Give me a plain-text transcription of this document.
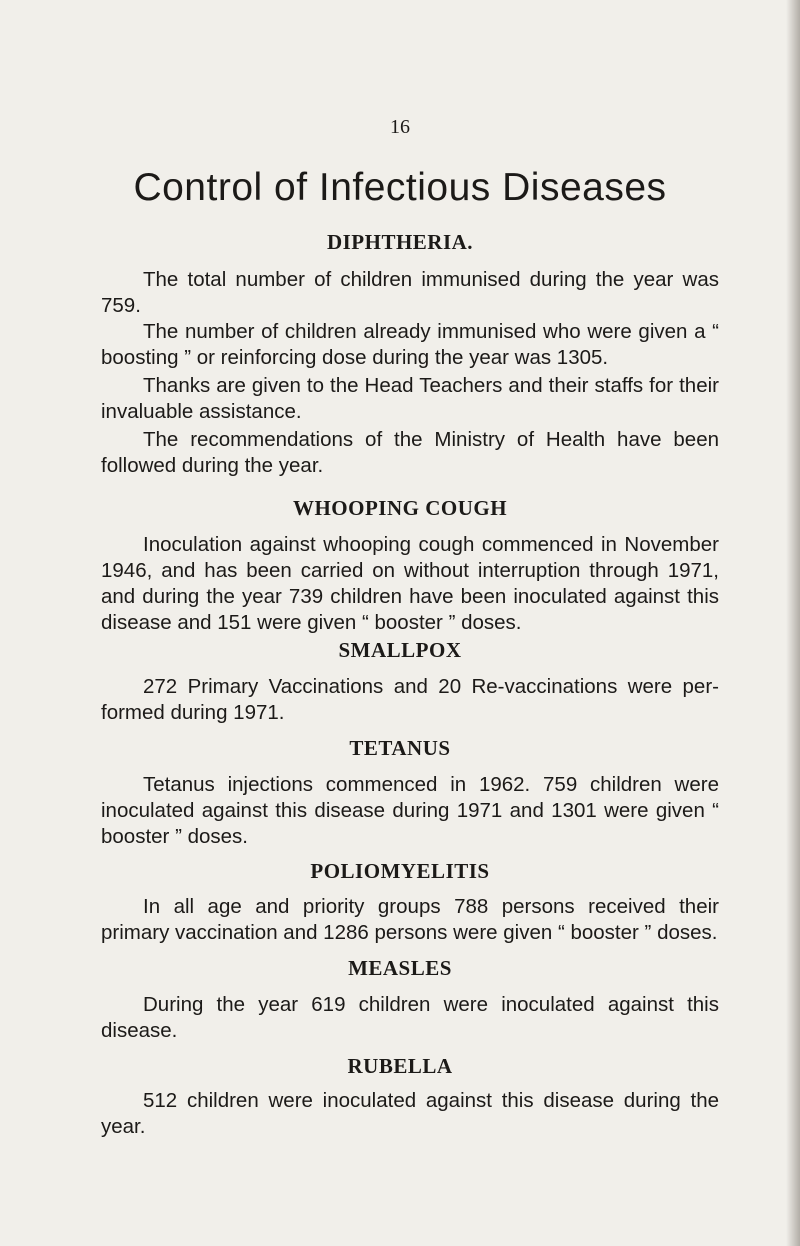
16
Control of Infectious Diseases
DIPHTHERIA.

The total number of children immunised during the year was 759.

The number of children already immunised who were given a “ boosting ” or reinforcing dose during the year was 1305.

Thanks are given to the Head Teachers and their staffs for their invaluable assistance.

The recommendations of the Ministry of Health have been followed during the year.

WHOOPING COUGH

Inoculation against whooping cough commenced in November 1946, and has been carried on without interruption through 1971, and during the year 739 children have been inoculated against this disease and 151 were given “ booster ” doses.

SMALLPOX

272 Primary Vaccinations and 20 Re-vaccinations were per- formed during 1971.

TETANUS

Tetanus injections commenced in 1962. 759 children were inoculated against this disease during 1971 and 1301 were given “ booster ” doses.

POLIOMYELITIS

In all age and priority groups 788 persons received their primary vaccination and 1286 persons were given “ booster ” doses.

MEASLES

During the year 619 children were inoculated against this disease.

RUBELLA

512 children were inoculated against this disease during the year.
